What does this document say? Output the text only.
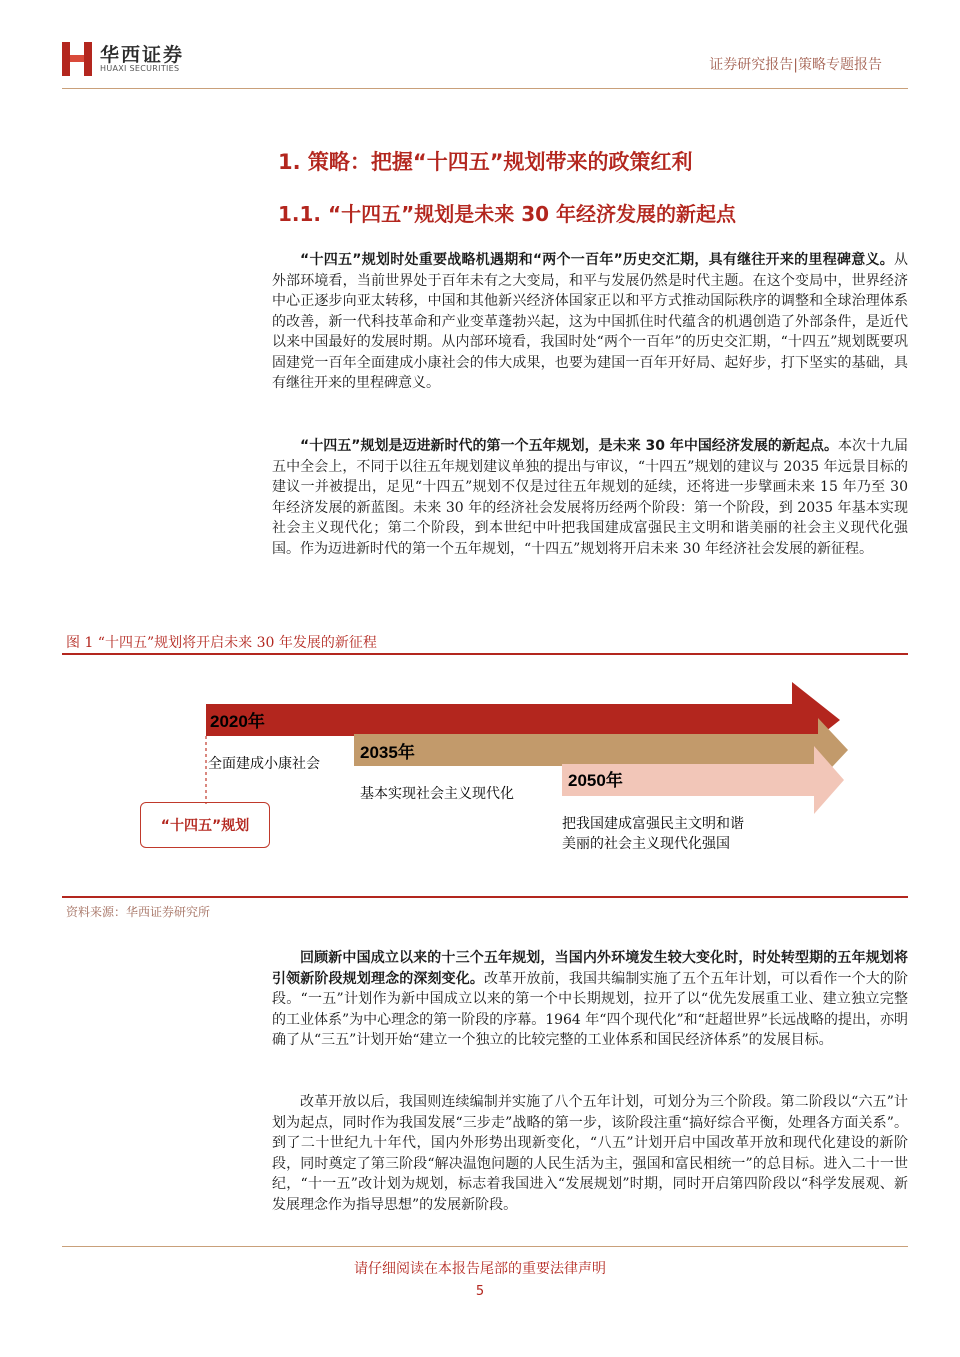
华西证券
HUAXI SECURITIES	证券研究报告|策略专题报告
1. 策略：把握“十四五”规划带来的政策红利
1.1. “十四五”规划是未来 30 年经济发展的新起点

“十四五”规划时处重要战略机遇期和“两个一百年”历史交汇期，具有继往开来的里程碑意义。从外部环境看，当前世界处于百年未有之大变局，和平与发展仍然是时代主题。在这个变局中，世界经济中心正逐步向亚太转移，中国和其他新兴经济体国家正以和平方式推动国际秩序的调整和全球治理体系的改善，新一代科技革命和产业变革蓬勃兴起，这为中国抓住时代蕴含的机遇创造了外部条件，是近代以来中国最好的发展时期。从内部环境看，我国时处“两个一百年”的历史交汇期，“十四五”规划既要巩固建党一百年全面建成小康社会的伟大成果，也要为建国一百年开好局、起好步，打下坚实的基础，具有继往开来的里程碑意义。

“十四五”规划是迈进新时代的第一个五年规划，是未来 30 年中国经济发展的新起点。本次十九届五中全会上，不同于以往五年规划建议单独的提出与审议，“十四五”规划的建议与 2035 年远景目标的建议一并被提出，足见“十四五”规划不仅是过往五年规划的延续，还将进一步擘画未来 15 年乃至 30 年经济发展的新蓝图。未来 30 年的经济社会发展将历经两个阶段：第一个阶段，到 2035 年基本实现社会主义现代化；第二个阶段，到本世纪中叶把我国建成富强民主文明和谐美丽的社会主义现代化强国。作为迈进新时代的第一个五年规划，“十四五”规划将开启未来 30 年经济社会发展的新征程。

图 1 “十四五”规划将开启未来 30 年发展的新征程
2020年
2035年
2050年
全面建成小康社会
基本实现社会主义现代化
把我国建成富强民主文明和谐
美丽的社会主义现代化强国
“十四五”规划
资料来源：华西证券研究所

回顾新中国成立以来的十三个五年规划，当国内外环境发生较大变化时，时处转型期的五年规划将引领新阶段规划理念的深刻变化。改革开放前，我国共编制实施了五个五年计划，可以看作一个大的阶段。“一五”计划作为新中国成立以来的第一个中长期规划，拉开了以“优先发展重工业、建立独立完整的工业体系”为中心理念的第一阶段的序幕。1964 年“四个现代化”和“赶超世界”长远战略的提出，亦明确了从“三五”计划开始“建立一个独立的比较完整的工业体系和国民经济体系”的发展目标。

改革开放以后，我国则连续编制并实施了八个五年计划，可划分为三个阶段。第二阶段以“六五”计划为起点，同时作为我国发展“三步走”战略的第一步，该阶段注重“搞好综合平衡，处理各方面关系”。到了二十世纪九十年代，国内外形势出现新变化，“八五”计划开启中国改革开放和现代化建设的新阶段，同时奠定了第三阶段“解决温饱问题的人民生活为主，强国和富民相统一”的总目标。进入二十一世纪，“十一五”改计划为规划，标志着我国进入“发展规划”时期，同时开启第四阶段以“科学发展观、新发展理念作为指导思想”的发展新阶段。

请仔细阅读在本报告尾部的重要法律声明
5
